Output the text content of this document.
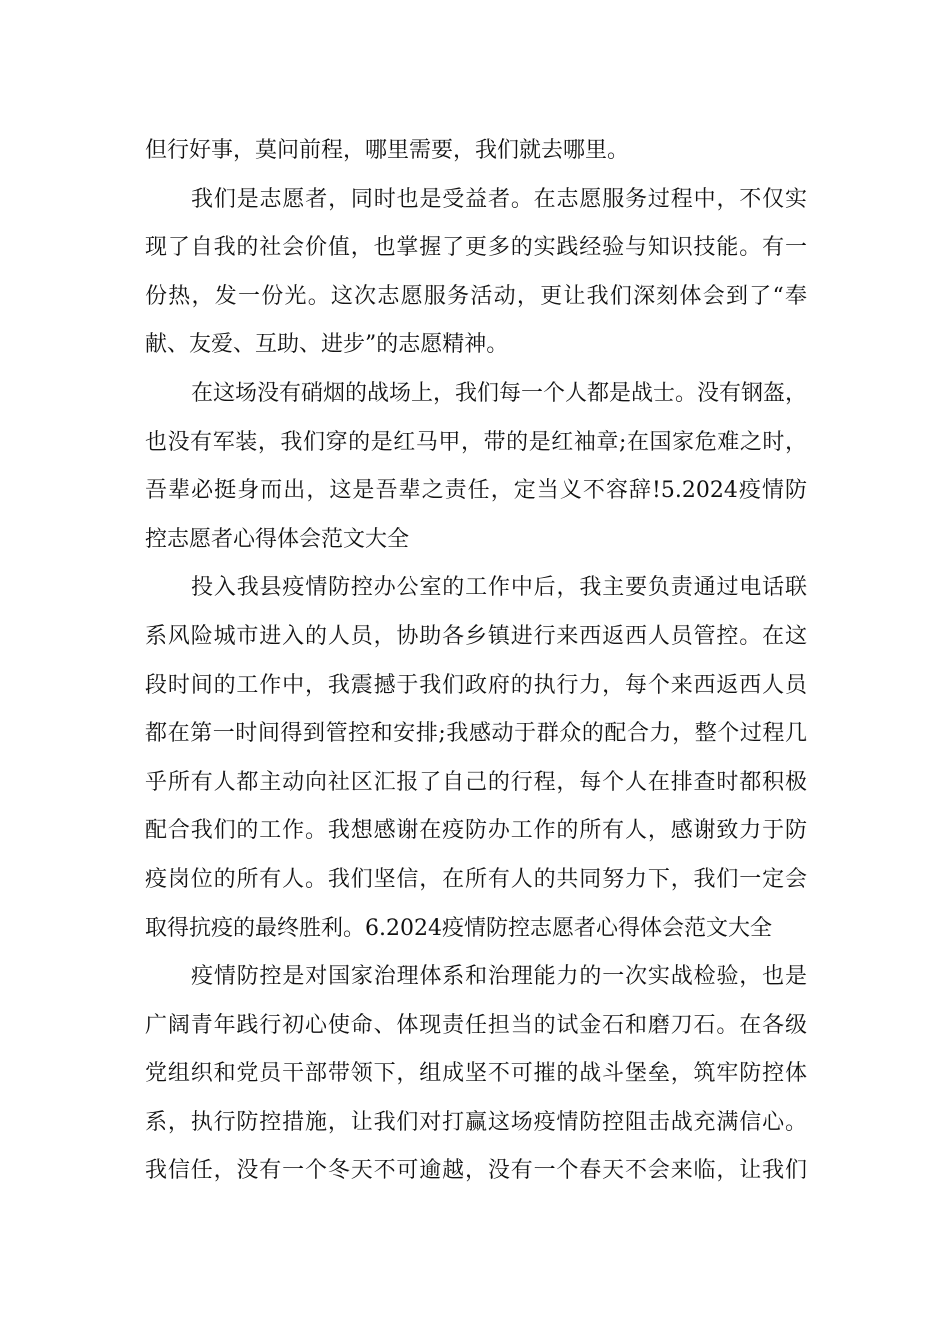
但行好事，莫问前程，哪里需要，我们就去哪里。
我们是志愿者，同时也是受益者。在志愿服务过程中，不仅实
现了自我的社会价值，也掌握了更多的实践经验与知识技能。有一
份热，发一份光。这次志愿服务活动，更让我们深刻体会到了“奉
献、友爱、互助、进步”的志愿精神。
在这场没有硝烟的战场上，我们每一个人都是战士。没有钢盔，
也没有军装，我们穿的是红马甲，带的是红袖章;在国家危难之时，
吾辈必挺身而出，这是吾辈之责任，定当义不容辞!5.2024疫情防
控志愿者心得体会范文大全
投入我县疫情防控办公室的工作中后，我主要负责通过电话联
系风险城市进入的人员，协助各乡镇进行来西返西人员管控。在这
段时间的工作中，我震撼于我们政府的执行力，每个来西返西人员
都在第一时间得到管控和安排;我感动于群众的配合力，整个过程几
乎所有人都主动向社区汇报了自己的行程，每个人在排查时都积极
配合我们的工作。我想感谢在疫防办工作的所有人，感谢致力于防
疫岗位的所有人。我们坚信，在所有人的共同努力下，我们一定会
取得抗疫的最终胜利。6.2024疫情防控志愿者心得体会范文大全
疫情防控是对国家治理体系和治理能力的一次实战检验，也是
广阔青年践行初心使命、体现责任担当的试金石和磨刀石。在各级
党组织和党员干部带领下，组成坚不可摧的战斗堡垒，筑牢防控体
系，执行防控措施，让我们对打赢这场疫情防控阻击战充满信心。
我信任，没有一个冬天不可逾越，没有一个春天不会来临，让我们
